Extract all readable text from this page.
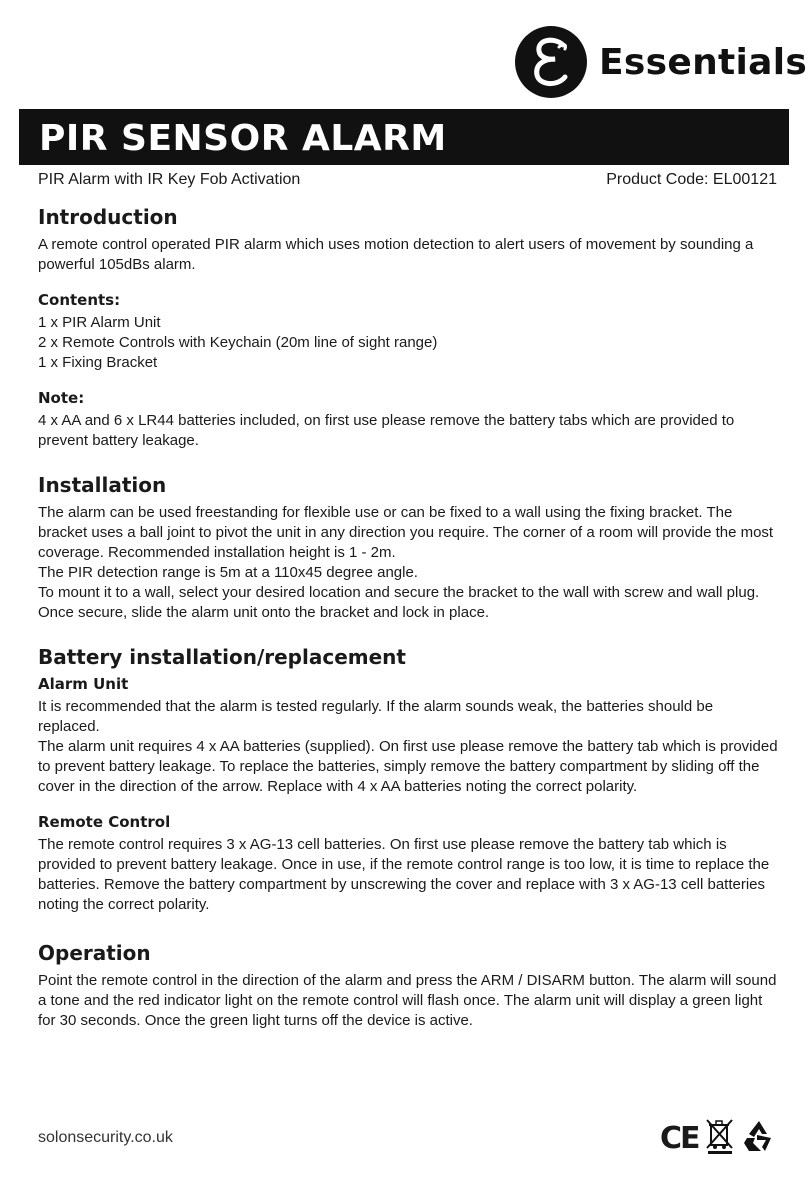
Essentials
PIR SENSOR ALARM
PIR Alarm with IR Key Fob Activation	Product Code: EL00121
Introduction

A remote control operated PIR alarm which uses motion detection to alert users of movement by sounding a powerful 105dBs alarm.

Contents:

1 x PIR Alarm Unit

2 x Remote Controls with Keychain (20m line of sight range)

1 x Fixing Bracket

Note:

4 x AA and 6 x LR44 batteries included, on first use please remove the battery tabs which are provided to prevent battery leakage.

Installation

The alarm can be used freestanding for flexible use or can be fixed to a wall using the fixing bracket. The bracket uses a ball joint to pivot the unit in any direction you require. The corner of a room will provide the most coverage. Recommended installation height is 1 - 2m.

The PIR detection range is 5m at a 110x45 degree angle.

To mount it to a wall, select your desired location and secure the bracket to the wall with screw and wall plug. Once secure, slide the alarm unit onto the bracket and lock in place.

Battery installation/replacement
Alarm Unit

It is recommended that the alarm is tested regularly. If the alarm sounds weak, the batteries should be replaced.

The alarm unit requires 4 x AA batteries (supplied). On first use please remove the battery tab which is provided to prevent battery leakage. To replace the batteries, simply remove the battery compartment by sliding off the cover in the direction of the arrow. Replace with 4 x AA batteries noting the correct polarity.

Remote Control

The remote control requires 3 x AG-13 cell batteries. On first use please remove the battery tab which is provided to prevent battery leakage. Once in use, if the remote control range is too low, it is time to replace the batteries. Remove the battery compartment by unscrewing the cover and replace with 3 x AG-13 cell batteries noting the correct polarity.

Operation

Point the remote control in the direction of the alarm and press the ARM / DISARM button. The alarm will sound a tone and the red indicator light on the remote control will flash once. The alarm unit will display a green light for 30 seconds. Once the green light turns off the device is active.

solonsecurity.co.uk	CE
